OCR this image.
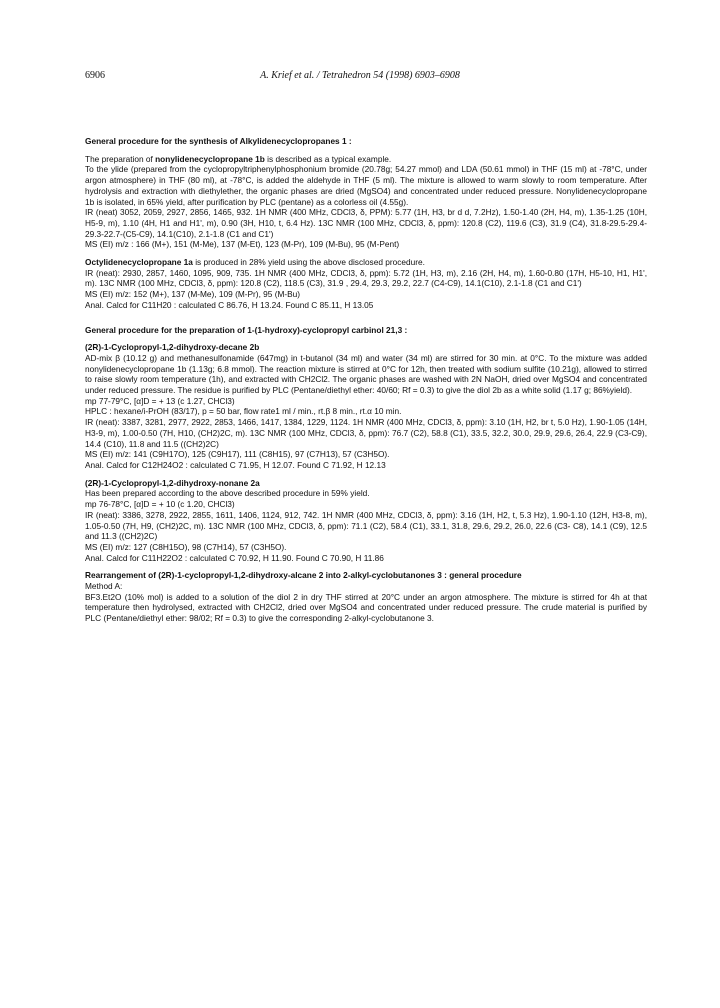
6906	A. Krief et al. / Tetrahedron 54 (1998) 6903–6908

General procedure for the synthesis of Alkylidenecyclopropanes 1 :

The preparation of nonylidenecyclopropane 1b is described as a typical example.

To the ylide (prepared from the cyclopropyltriphenylphosphonium bromide (20.78g; 54.27 mmol) and LDA (50.61 mmol) in THF (15 ml) at -78°C, under argon atmosphere) in THF (80 ml), at -78°C, is added the aldehyde in THF (5 ml). The mixture is allowed to warm slowly to room temperature. After hydrolysis and extraction with diethylether, the organic phases are dried (MgSO4) and concentrated under reduced pressure. Nonylidenecyclopropane 1b is isolated, in 65% yield, after purification by PLC (pentane) as a colorless oil (4.55g).

IR (neat) 3052, 2059, 2927, 2856, 1465, 932. 1H NMR (400 MHz, CDCl3, δ, PPM): 5.77 (1H, H3, br d d, 7.2Hz), 1.50-1.40 (2H, H4, m), 1.35-1.25 (10H, H5-9, m), 1.10 (4H, H1 and H1', m), 0.90 (3H, H10, t, 6.4 Hz). 13C NMR (100 MHz, CDCl3, δ, ppm): 120.8 (C2), 119.6 (C3), 31.9 (C4), 31.8-29.5-29.4-29.3-22.7-(C5-C9), 14.1(C10), 2.1-1.8 (C1 and C1')

MS (EI) m/z : 166 (M+), 151 (M-Me), 137 (M-Et), 123 (M-Pr), 109 (M-Bu), 95 (M-Pent)

Octylidenecyclopropane 1a is produced in 28% yield using the above disclosed procedure.

IR (neat): 2930, 2857, 1460, 1095, 909, 735. 1H NMR (400 MHz, CDCl3, δ, ppm): 5.72 (1H, H3, m), 2.16 (2H, H4, m), 1.60-0.80 (17H, H5-10, H1, H1', m). 13C NMR (100 MHz, CDCl3, δ, ppm): 120.8 (C2), 118.5 (C3), 31.9 , 29.4, 29.3, 29.2, 22.7 (C4-C9), 14.1(C10), 2.1-1.8 (C1 and C1')

MS (EI) m/z: 152 (M+), 137 (M-Me), 109 (M-Pr), 95 (M-Bu)

Anal. Calcd for C11H20 : calculated C 86.76, H 13.24. Found C 85.11, H 13.05

General procedure for the preparation of 1-(1-hydroxy)-cyclopropyl carbinol 21,3 :

(2R)-1-Cyclopropyl-1,2-dihydroxy-decane 2b

AD-mix β (10.12 g) and methanesulfonamide (647mg) in t-butanol (34 ml) and water (34 ml) are stirred for 30 min. at 0°C. To the mixture was added nonylidenecyclopropane 1b (1.13g; 6.8 mmol). The reaction mixture is stirred at 0°C for 12h, then treated with sodium sulfite (10.21g), allowed to stirred to raise slowly room temperature (1h), and extracted with CH2Cl2. The organic phases are washed with 2N NaOH, dried over MgSO4 and concentrated under reduced pressure. The residue is purified by PLC (Pentane/diethyl ether: 40/60; Rf = 0.3) to give the diol 2b as a white solid (1.17 g; 86%yield).

mp 77-79°C, [α]D = + 13 (c 1.27, CHCl3)

HPLC : hexane/i-PrOH (83/17), p = 50 bar, flow rate1 ml / min., rt.β 8 min., rt.α 10 min.

IR (neat): 3387, 3281, 2977, 2922, 2853, 1466, 1417, 1384, 1229, 1124. 1H NMR (400 MHz, CDCl3, δ, ppm): 3.10 (1H, H2, br t, 5.0 Hz), 1.90-1.05 (14H, H3-9, m), 1.00-0.50 (7H, H10, (CH2)2C, m). 13C NMR (100 MHz, CDCl3, δ, ppm): 76.7 (C2), 58.8 (C1), 33.5, 32.2, 30.0, 29.9, 29.6, 26.4, 22.9 (C3-C9), 14.4 (C10), 11.8 and 11.5 ((CH2)2C)

MS (EI) m/z: 141 (C9H17O), 125 (C9H17), 111 (C8H15), 97 (C7H13), 57 (C3H5O).

Anal. Calcd for C12H24O2 : calculated C 71.95, H 12.07. Found C 71.92, H 12.13

(2R)-1-Cyclopropyl-1,2-dihydroxy-nonane 2a

Has been prepared according to the above described procedure in 59% yield.

mp 76-78°C, [α]D = + 10 (c 1.20, CHCl3)

IR (neat): 3386, 3278, 2922, 2855, 1611, 1406, 1124, 912, 742. 1H NMR (400 MHz, CDCl3, δ, ppm): 3.16 (1H, H2, t, 5.3 Hz), 1.90-1.10 (12H, H3-8, m), 1.05-0.50 (7H, H9, (CH2)2C, m). 13C NMR (100 MHz, CDCl3, δ, ppm): 71.1 (C2), 58.4 (C1), 33.1, 31.8, 29.6, 29.2, 26.0, 22.6 (C3- C8), 14.1 (C9), 12.5 and 11.3 ((CH2)2C)

MS (EI) m/z: 127 (C8H15O), 98 (C7H14), 57 (C3H5O).

Anal. Calcd for C11H22O2 : calculated C 70.92, H 11.90. Found C 70.90, H 11.86

Rearrangement of (2R)-1-cyclopropyl-1,2-dihydroxy-alcane 2 into 2-alkyl-cyclobutanones 3 : general procedure

Method A:

BF3.Et2O (10% mol) is added to a solution of the diol 2 in dry THF stirred at 20°C under an argon atmosphere. The mixture is stirred for 4h at that temperature then hydrolysed, extracted with CH2Cl2, dried over MgSO4 and concentrated under reduced pressure. The crude material is purified by PLC (Pentane/diethyl ether: 98/02; Rf = 0.3) to give the corresponding 2-alkyl-cyclobutanone 3.
